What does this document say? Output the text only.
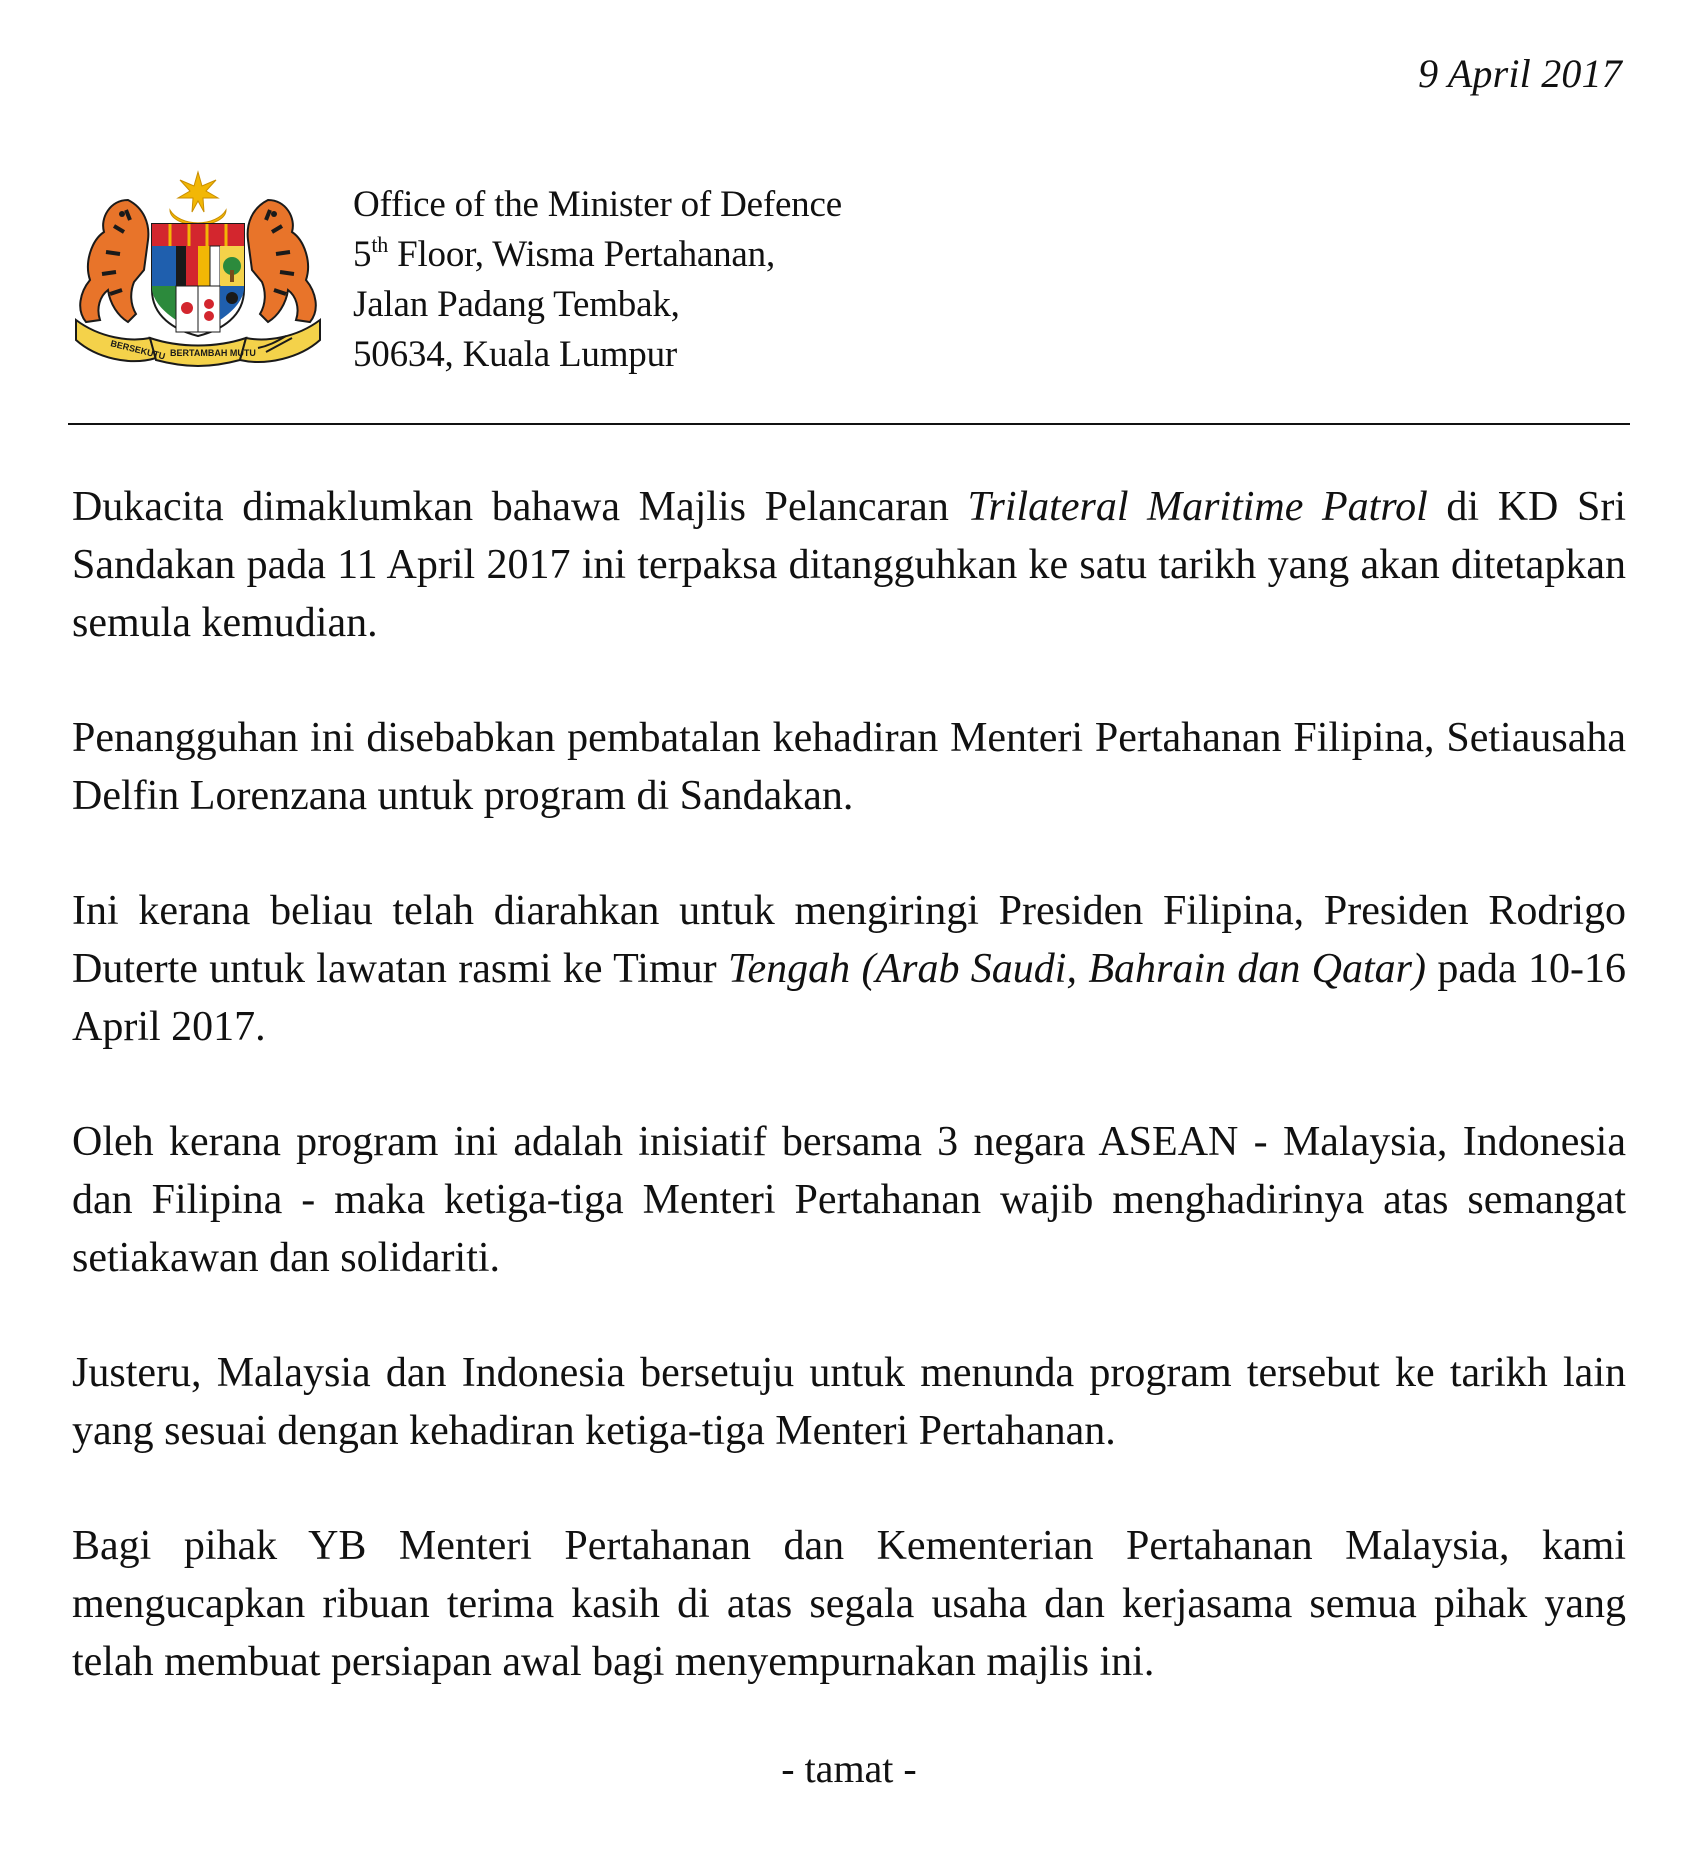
9 April 2017
BERSEKUTU BERTAMBAH MUTU
Office of the Minister of Defence
5th Floor, Wisma Pertahanan,
Jalan Padang Tembak,
50634, Kuala Lumpur

Dukacita dimaklumkan bahawa Majlis Pelancaran Trilateral Maritime Patrol di KD Sri Sandakan pada 11 April 2017 ini terpaksa ditangguhkan ke satu tarikh yang akan ditetapkan semula kemudian.

Penangguhan ini disebabkan pembatalan kehadiran Menteri Pertahanan Filipina, Setiausaha Delfin Lorenzana untuk program di Sandakan.

Ini kerana beliau telah diarahkan untuk mengiringi Presiden Filipina, Presiden Rodrigo Duterte untuk lawatan rasmi ke Timur Tengah (Arab Saudi, Bahrain dan Qatar) pada 10-16 April 2017.

Oleh kerana program ini adalah inisiatif bersama 3 negara ASEAN - Malaysia, Indonesia dan Filipina - maka ketiga-tiga Menteri Pertahanan wajib menghadirinya atas semangat setiakawan dan solidariti.

Justeru, Malaysia dan Indonesia bersetuju untuk menunda program tersebut ke tarikh lain yang sesuai dengan kehadiran ketiga-tiga Menteri Pertahanan.

Bagi pihak YB Menteri Pertahanan dan Kementerian Pertahanan Malaysia, kami mengucapkan ribuan terima kasih di atas segala usaha dan kerjasama semua pihak yang telah membuat persiapan awal bagi menyempurnakan majlis ini.

- tamat -
